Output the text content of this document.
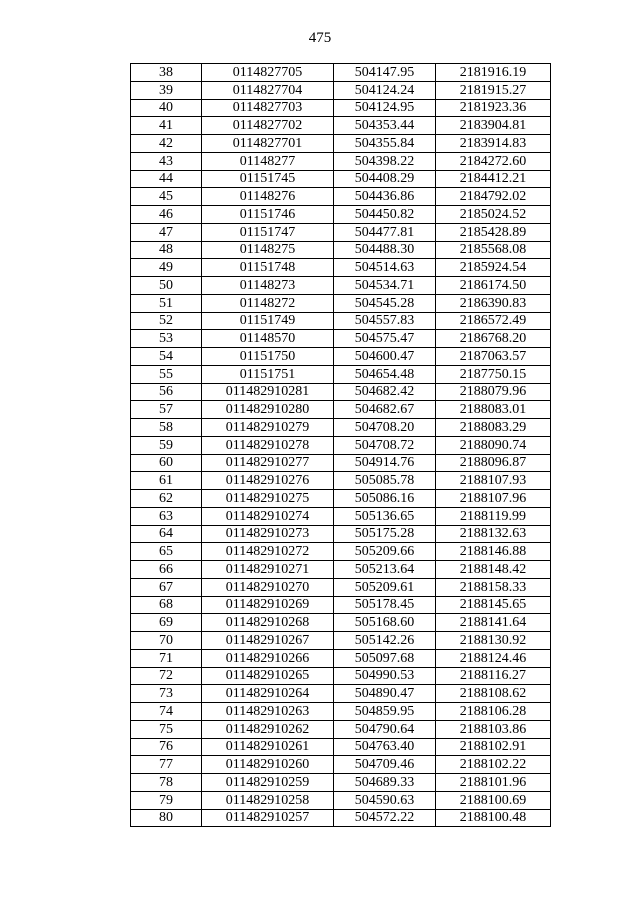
475
38	0114827705	504147.95	2181916.19
39	0114827704	504124.24	2181915.27
40	0114827703	504124.95	2181923.36
41	0114827702	504353.44	2183904.81
42	0114827701	504355.84	2183914.83
43	01148277	504398.22	2184272.60
44	01151745	504408.29	2184412.21
45	01148276	504436.86	2184792.02
46	01151746	504450.82	2185024.52
47	01151747	504477.81	2185428.89
48	01148275	504488.30	2185568.08
49	01151748	504514.63	2185924.54
50	01148273	504534.71	2186174.50
51	01148272	504545.28	2186390.83
52	01151749	504557.83	2186572.49
53	01148570	504575.47	2186768.20
54	01151750	504600.47	2187063.57
55	01151751	504654.48	2187750.15
56	011482910281	504682.42	2188079.96
57	011482910280	504682.67	2188083.01
58	011482910279	504708.20	2188083.29
59	011482910278	504708.72	2188090.74
60	011482910277	504914.76	2188096.87
61	011482910276	505085.78	2188107.93
62	011482910275	505086.16	2188107.96
63	011482910274	505136.65	2188119.99
64	011482910273	505175.28	2188132.63
65	011482910272	505209.66	2188146.88
66	011482910271	505213.64	2188148.42
67	011482910270	505209.61	2188158.33
68	011482910269	505178.45	2188145.65
69	011482910268	505168.60	2188141.64
70	011482910267	505142.26	2188130.92
71	011482910266	505097.68	2188124.46
72	011482910265	504990.53	2188116.27
73	011482910264	504890.47	2188108.62
74	011482910263	504859.95	2188106.28
75	011482910262	504790.64	2188103.86
76	011482910261	504763.40	2188102.91
77	011482910260	504709.46	2188102.22
78	011482910259	504689.33	2188101.96
79	011482910258	504590.63	2188100.69
80	011482910257	504572.22	2188100.48
